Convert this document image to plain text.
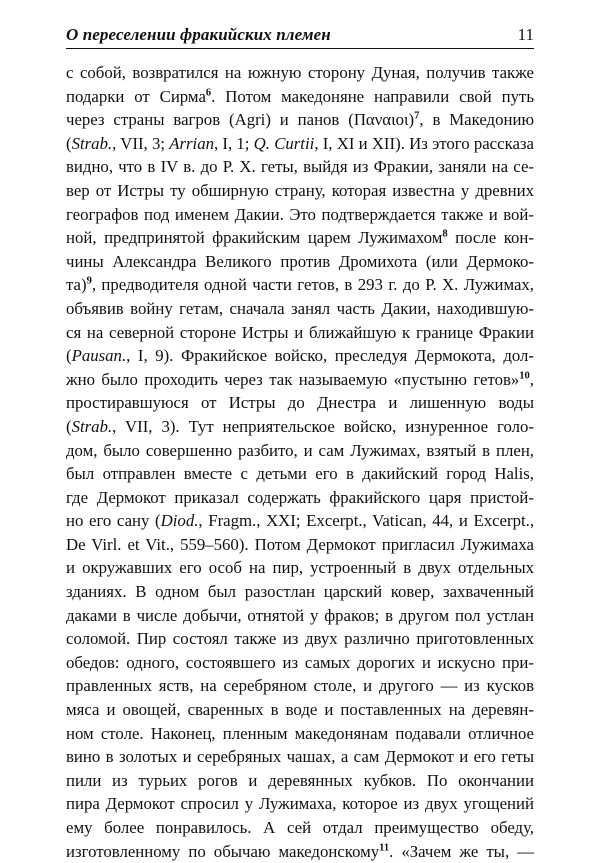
О переселении фракийских племен	11
с собой, возвратился на южную сторону Дуная, получив также
подарки от Сирма$^6$. Потом македоняне направили свой путь
через страны вагров (Agri) и панов (Παναιοι)$^7$, в Македонию
(Strab., VII, 3; Arrian, I, 1; Q. Curtii, I, XI и XII). Из этого рассказа
видно, что в IV в. до Р. Х. геты, выйдя из Фракии, заняли на се-
вер от Истры ту обширную страну, которая известна у древних
географов под именем Дакии. Это подтверждается также и вой-
ной, предпринятой фракийским царем Лужимахом$^8$ после кон-
чины Александра Великого против Дромихота (или Дермоко-
та)$^9$, предводителя одной части гетов, в 293 г. до Р. Х. Лужимах,
объявив войну гетам, сначала занял часть Дакии, находившую-
ся на северной стороне Истры и ближайшую к границе Фракии
(Pausan., I, 9). Фракийское войско, преследуя Дермокота, дол-
жно было проходить через так называемую «пустыню гетов»$^{10}$,
простиравшуюся от Истры до Днестра и лишенную воды
(Strab., VII, 3). Тут неприятельское войско, изнуренное голо-
дом, было совершенно разбито, и сам Лужимах, взятый в плен,
был отправлен вместе с детьми его в дакийский город Halis,
где Дермокот приказал содержать фракийского царя пристой-
но его сану (Diod., Fragm., XXI; Excerpt., Vatican, 44, и Excerpt.,
De Virl. et Vit., 559–560). Потом Дермокот пригласил Лужимаха
и окружавших его особ на пир, устроенный в двух отдельных
зданиях. В одном был разостлан царский ковер, захваченный
даками в числе добычи, отнятой у фраков; в другом пол устлан
соломой. Пир состоял также из двух различно приготовленных
обедов: одного, состоявшего из самых дорогих и искусно при-
правленных яств, на серебряном столе, и другого — из кусков
мяса и овощей, сваренных в воде и поставленных на деревян-
ном столе. Наконец, пленным македонянам подавали отличное
вино в золотых и серебряных чашах, а сам Дермокот и его геты
пили из турьих рогов и деревянных кубков. По окончании
пира Дермокот спросил у Лужимаха, которое из двух угощений
ему более понравилось. А сей отдал преимущество обеду,
изготовленному по обычаю македонскому$^{11}$. «Зачем же ты, —
